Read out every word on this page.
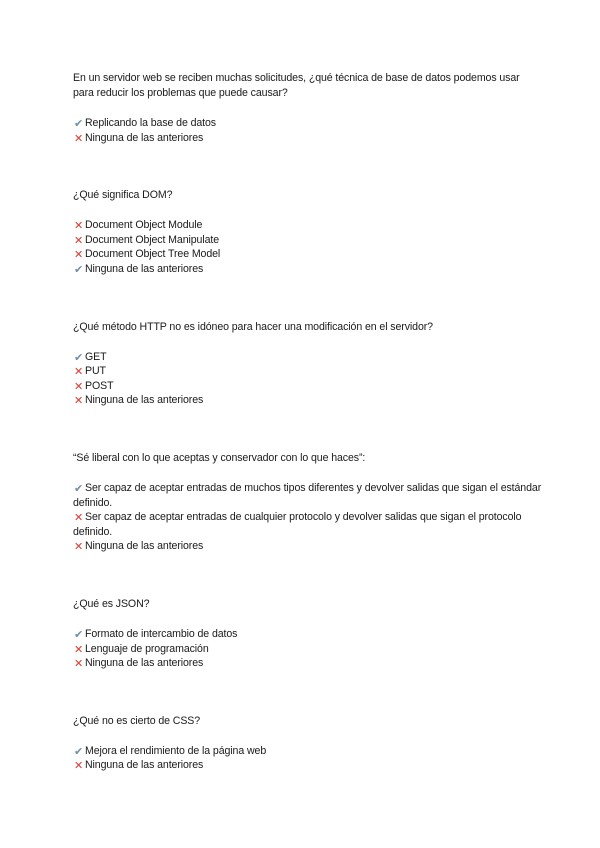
En un servidor web se reciben muchas solicitudes, ¿qué técnica de base de datos podemos usar para reducir los problemas que puede causar?
✔ Replicando la base de datos
✕ Ninguna de las anteriores
¿Qué significa DOM?
✕ Document Object Module
✕ Document Object Manipulate
✕ Document Object Tree Model
✔ Ninguna de las anteriores
¿Qué método HTTP no es idóneo para hacer una modificación en el servidor?
✔ GET
✕ PUT
✕ POST
✕ Ninguna de las anteriores
“Sé liberal con lo que aceptas y conservador con lo que haces”:
✔ Ser capaz de aceptar entradas de muchos tipos diferentes y devolver salidas que sigan el estándar definido.
✕ Ser capaz de aceptar entradas de cualquier protocolo y devolver salidas que sigan el protocolo definido.
✕ Ninguna de las anteriores
¿Qué es JSON?
✔ Formato de intercambio de datos
✕ Lenguaje de programación
✕ Ninguna de las anteriores
¿Qué no es cierto de CSS?
✔ Mejora el rendimiento de la página web
✕ Ninguna de las anteriores
